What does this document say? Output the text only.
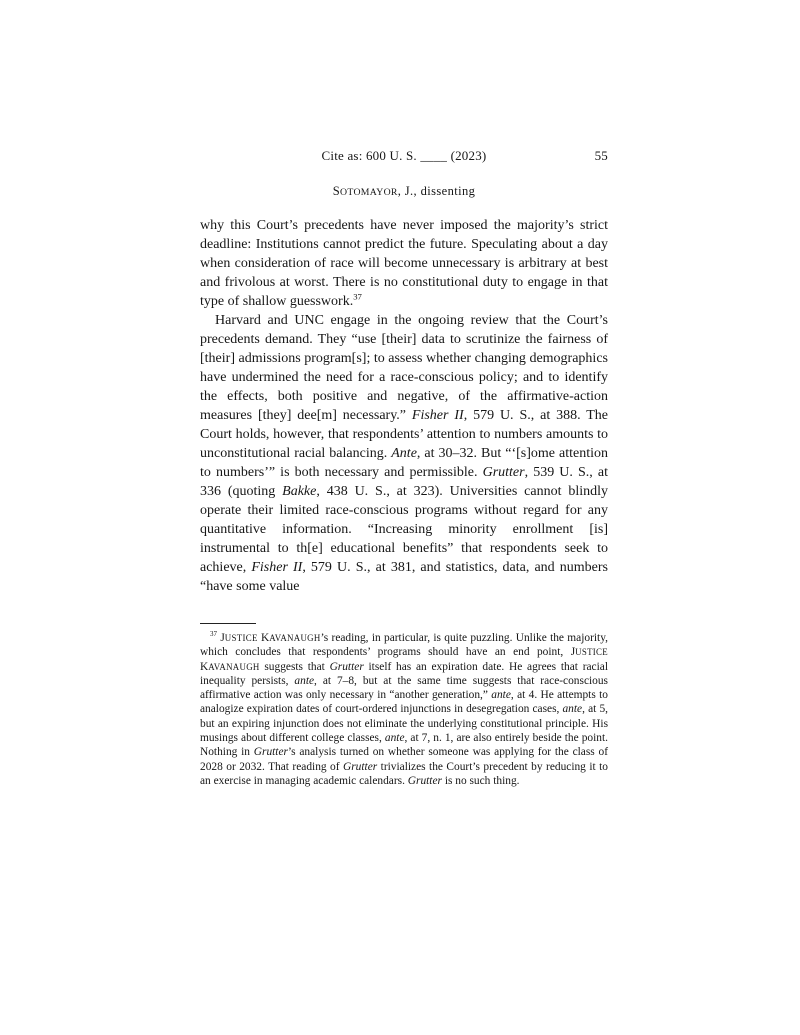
Cite as: 600 U. S. ____ (2023)	55
SOTOMAYOR, J., dissenting

why this Court’s precedents have never imposed the majority’s strict deadline: Institutions cannot predict the future. Speculating about a day when consideration of race will become unnecessary is arbitrary at best and frivolous at worst. There is no constitutional duty to engage in that type of shallow guesswork.$^{37}$

Harvard and UNC engage in the ongoing review that the Court’s precedents demand. They “use [their] data to scrutinize the fairness of [their] admissions program[s]; to assess whether changing demographics have undermined the need for a race-conscious policy; and to identify the effects, both positive and negative, of the affirmative-action measures [they] dee[m] necessary.” Fisher II, 579 U. S., at 388. The Court holds, however, that respondents’ attention to numbers amounts to unconstitutional racial balancing. Ante, at 30–32. But “‘[s]ome attention to numbers’” is both necessary and permissible. Grutter, 539 U. S., at 336 (quoting Bakke, 438 U. S., at 323). Universities cannot blindly operate their limited race-conscious programs without regard for any quantitative information. “Increasing minority enrollment [is] instrumental to th[e] educational benefits” that respondents seek to achieve, Fisher II, 579 U. S., at 381, and statistics, data, and numbers “have some value

$^{37}$ JUSTICE KAVANAUGH’s reading, in particular, is quite puzzling. Unlike the majority, which concludes that respondents’ programs should have an end point, JUSTICE KAVANAUGH suggests that Grutter itself has an expiration date. He agrees that racial inequality persists, ante, at 7–8, but at the same time suggests that race-conscious affirmative action was only necessary in “another generation,” ante, at 4. He attempts to analogize expiration dates of court-ordered injunctions in desegregation cases, ante, at 5, but an expiring injunction does not eliminate the underlying constitutional principle. His musings about different college classes, ante, at 7, n. 1, are also entirely beside the point. Nothing in Grutter’s analysis turned on whether someone was applying for the class of 2028 or 2032. That reading of Grutter trivializes the Court’s precedent by reducing it to an exercise in managing academic calendars. Grutter is no such thing.
